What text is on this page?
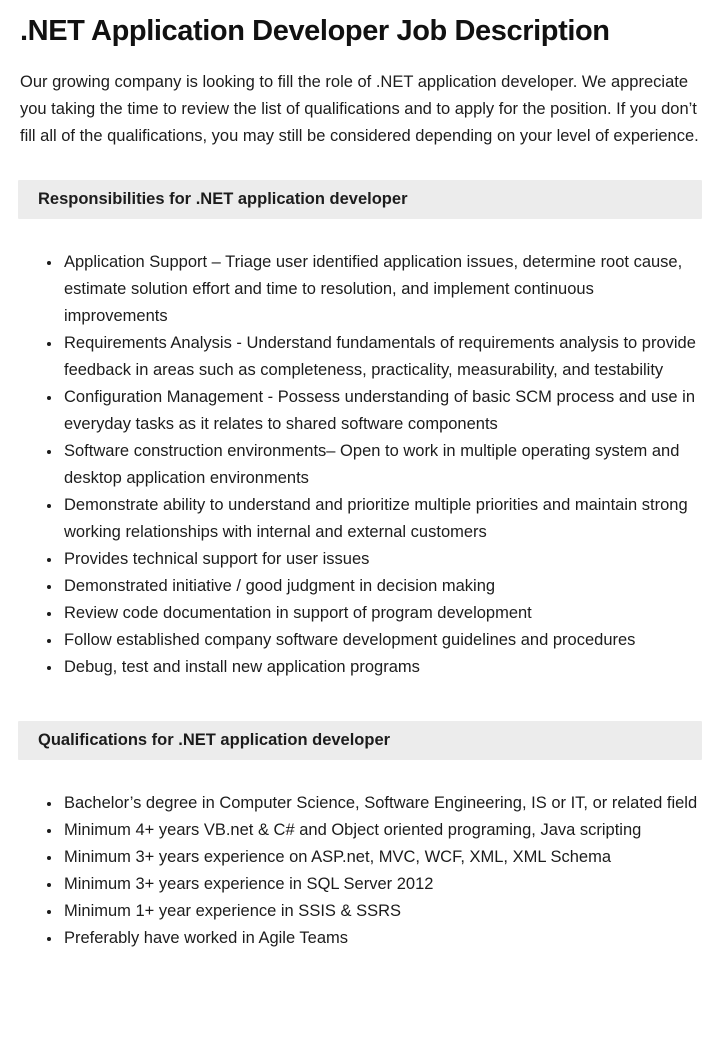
.NET Application Developer Job Description

Our growing company is looking to fill the role of .NET application developer. We appreciate you taking the time to review the list of qualifications and to apply for the position. If you don’t fill all of the qualifications, you may still be considered depending on your level of experience.

Responsibilities for .NET application developer
• Application Support – Triage user identified application issues, determine root cause, estimate solution effort and time to resolution, and implement continuous improvements
• Requirements Analysis - Understand fundamentals of requirements analysis to provide feedback in areas such as completeness, practicality, measurability, and testability
• Configuration Management - Possess understanding of basic SCM process and use in everyday tasks as it relates to shared software components
• Software construction environments– Open to work in multiple operating system and desktop application environments
• Demonstrate ability to understand and prioritize multiple priorities and maintain strong working relationships with internal and external customers
• Provides technical support for user issues
• Demonstrated initiative / good judgment in decision making
• Review code documentation in support of program development
• Follow established company software development guidelines and procedures
• Debug, test and install new application programs
Qualifications for .NET application developer
• Bachelor’s degree in Computer Science, Software Engineering, IS or IT, or related field
• Minimum 4+ years VB.net & C# and Object oriented programing, Java scripting
• Minimum 3+ years experience on ASP.net, MVC, WCF, XML, XML Schema
• Minimum 3+ years experience in SQL Server 2012
• Minimum 1+ year experience in SSIS & SSRS
• Preferably have worked in Agile Teams
